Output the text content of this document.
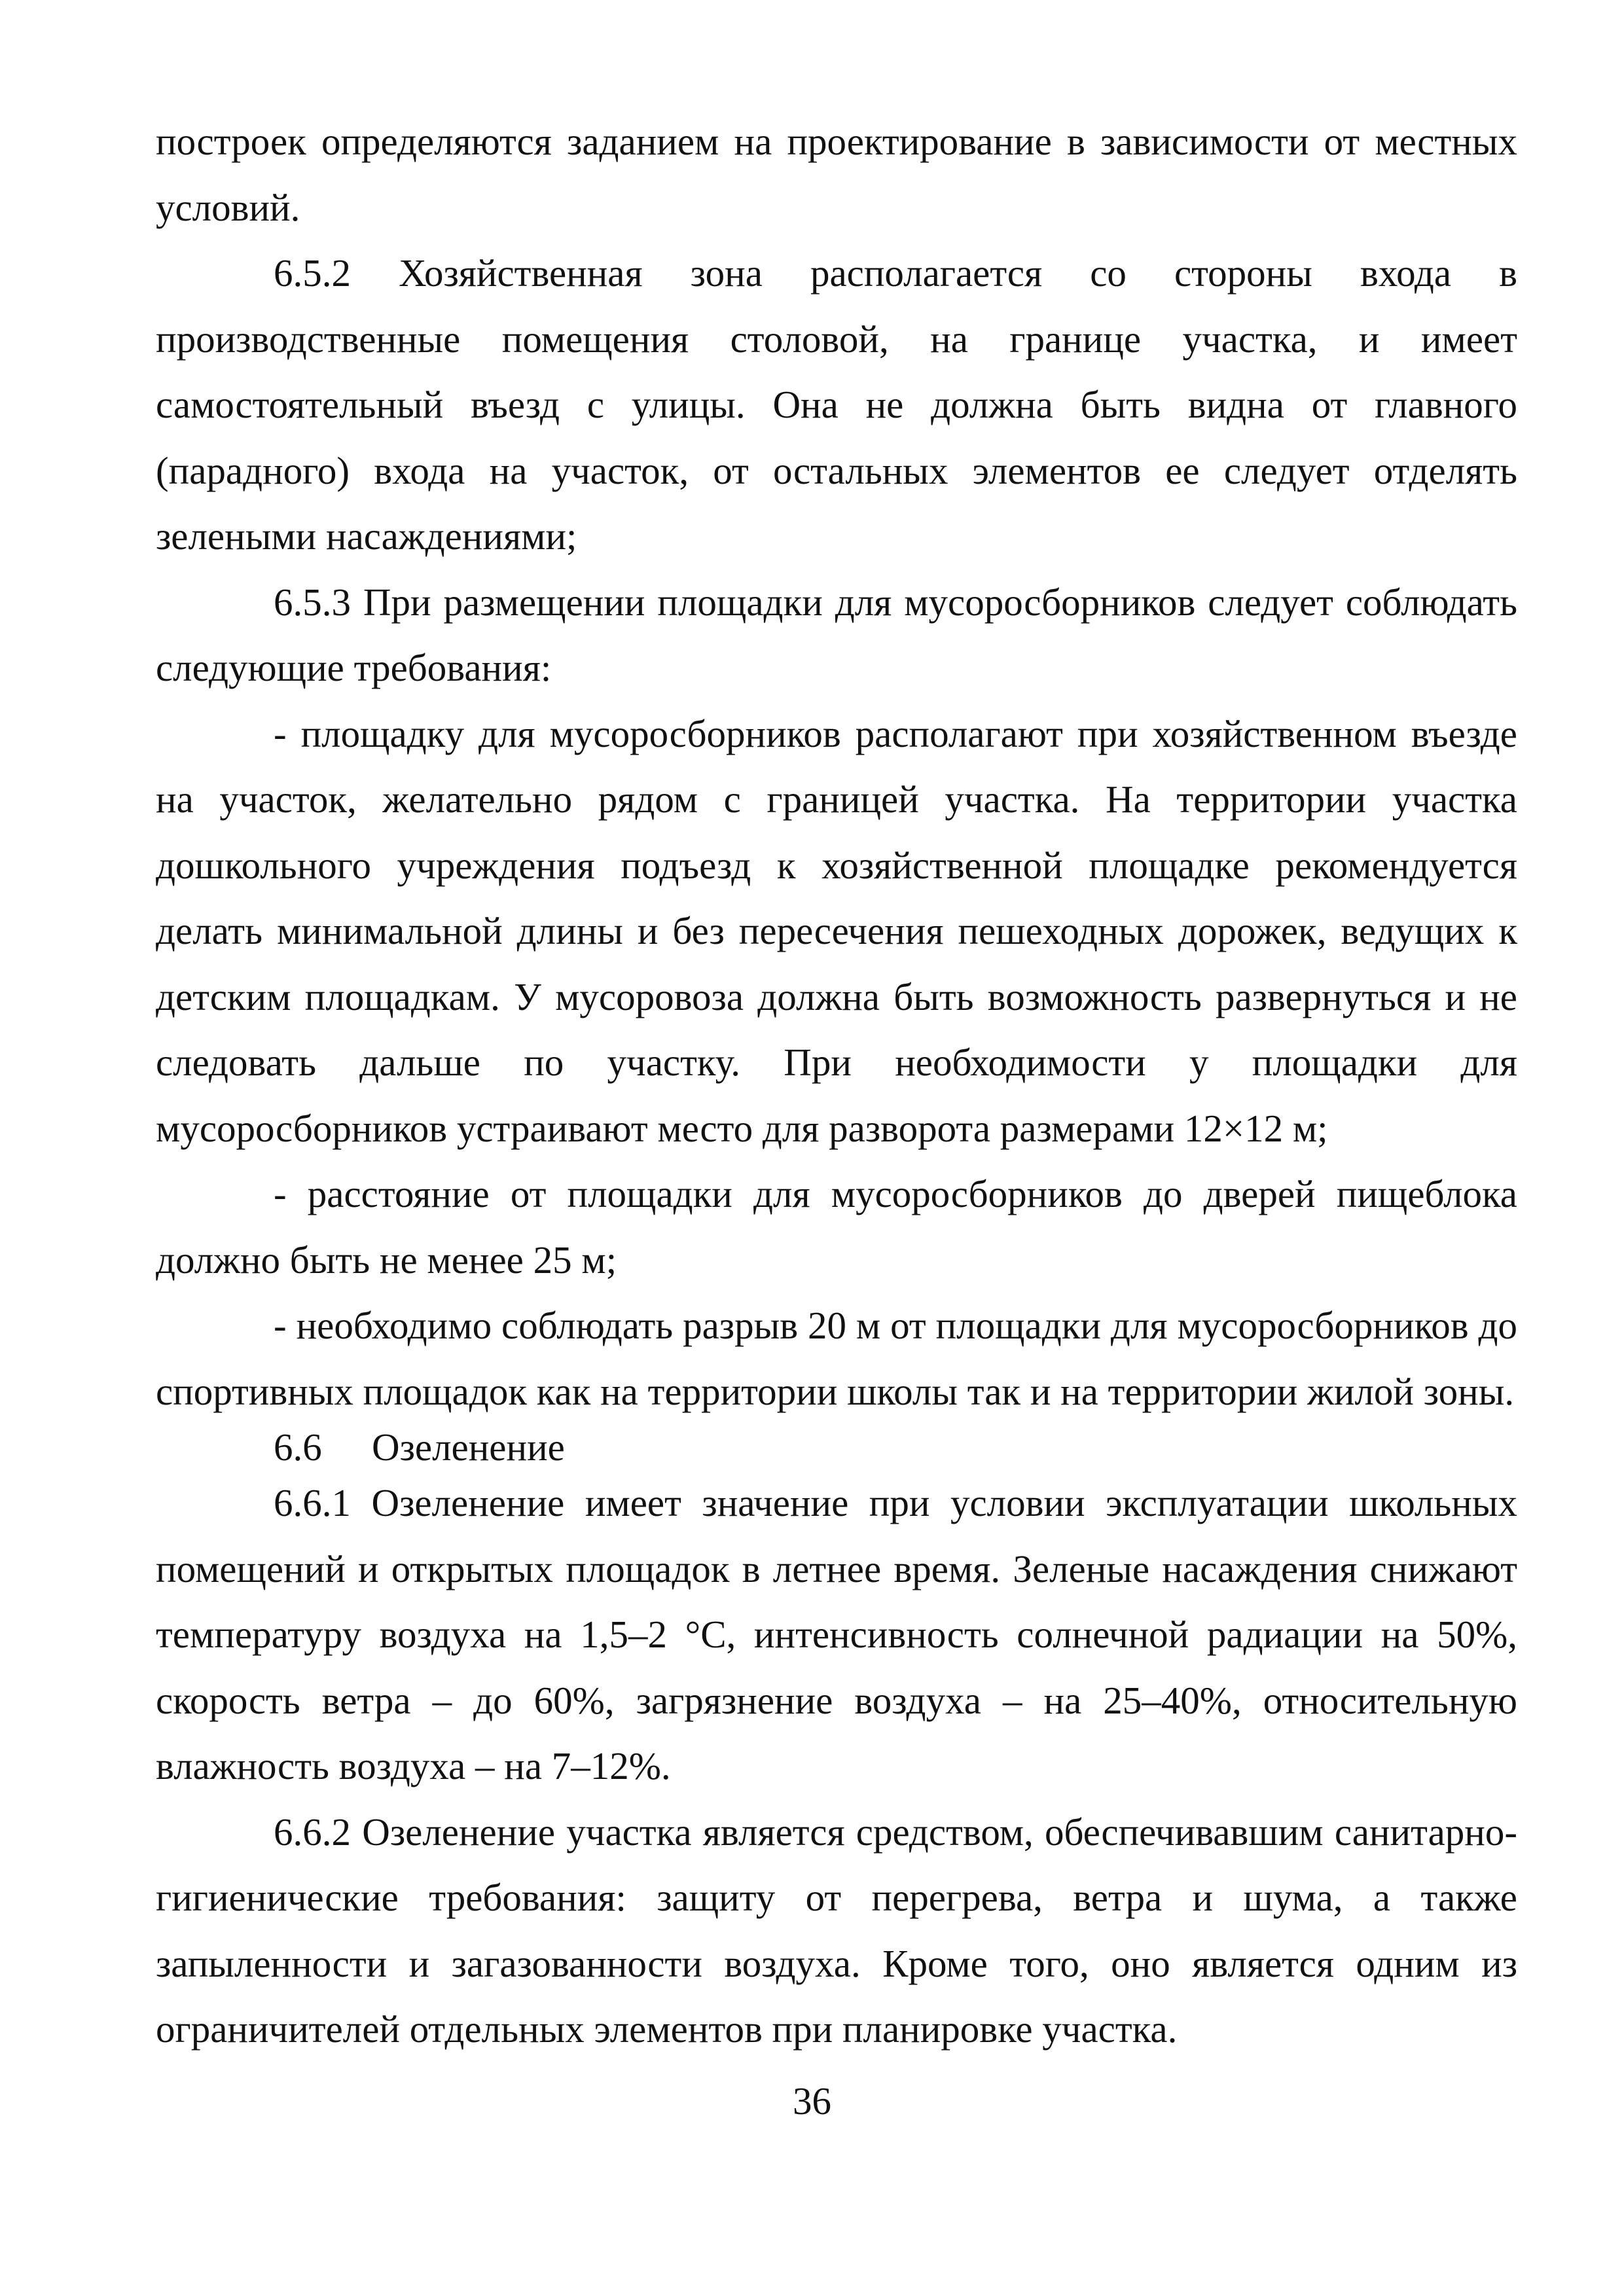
построек определяются заданием на проектирование в зависимости от местных условий.

6.5.2 Хозяйственная зона располагается со стороны входа в производственные помещения столовой, на границе участка, и имеет самостоятельный въезд с улицы. Она не должна быть видна от главного (парадного) входа на участок, от остальных элементов ее следует отделять зелеными насаждениями;

6.5.3 При размещении площадки для мусоросборников следует соблюдать следующие требования:

- площадку для мусоросборников располагают при хозяйственном въезде на участок, желательно рядом с границей участка. На территории участка дошкольного учреждения подъезд к хозяйственной площадке рекомендуется делать минимальной длины и без пересечения пешеходных дорожек, ведущих к детским площадкам. У мусоровоза должна быть возможность развернуться и не следовать дальше по участку. При необходимости у площадки для мусоросборников устраивают место для разворота размерами 12×12 м;

- расстояние от площадки для мусоросборников до дверей пищеблока должно быть не менее 25 м;

- необходимо соблюдать разрыв 20 м от площадки для мусоросборников до спортивных площадок как на территории школы так и на территории жилой зоны.

6.6 Озеленение

6.6.1 Озеленение имеет значение при условии эксплуатации школьных помещений и открытых площадок в летнее время. Зеленые насаждения снижают температуру воздуха на 1,5–2 °С, интенсивность солнечной радиации на 50%, скорость ветра – до 60%, загрязнение воздуха – на 25–40%, относительную влажность воздуха – на 7–12%.

6.6.2 Озеленение участка является средством, обеспечивавшим санитарно-гигиенические требования: защиту от перегрева, ветра и шума, а также запыленности и загазованности воздуха. Кроме того, оно является одним из ограничителей отдельных элементов при планировке участка.

36
